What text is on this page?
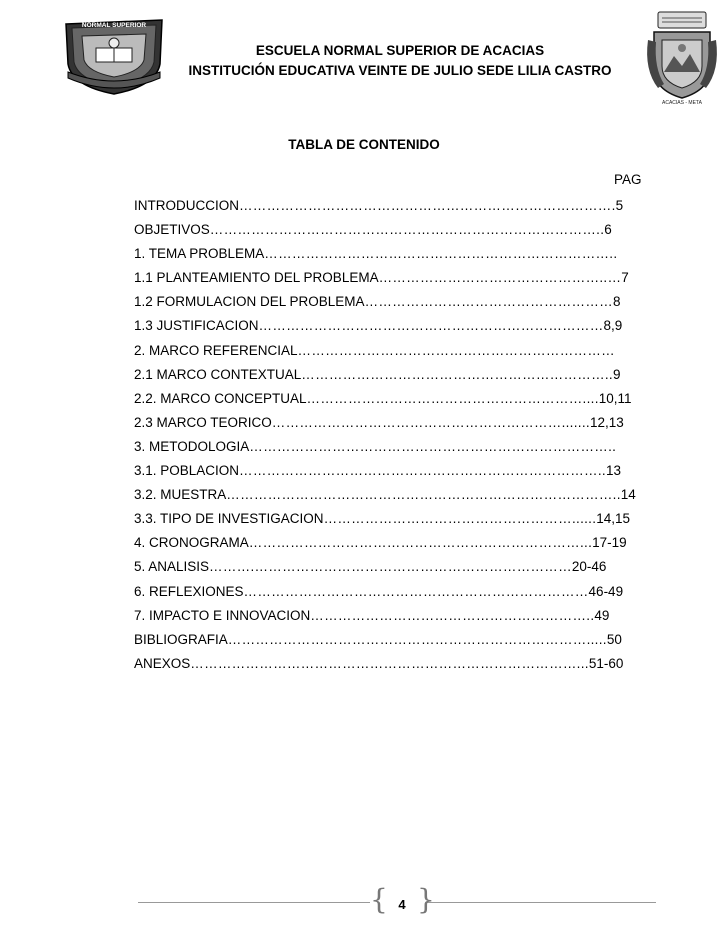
NORMAL SUPERIOR
ACACIAS - META
ESCUELA NORMAL SUPERIOR DE ACACIAS
INSTITUCIÓN EDUCATIVA VEINTE DE JULIO SEDE LILIA CASTRO
TABLA DE CONTENIDO
PAG
INTRODUCCION……………………………………………………………………….5
OBJETIVOS…………………………………………………………………………..6
1. TEMA PROBLEMA…………………………………………………………………..
1.1 PLANTEAMIENTO DEL PROBLEMA…………………………………………..…7
1.2 FORMULACION DEL PROBLEMA………………………………………………8
1.3 JUSTIFICACION…………………………………………………………………8,9
2. MARCO REFERENCIAL……………………………………………………………
2.1 MARCO CONTEXTUAL…………………………………………………………..9
2.2. MARCO CONCEPTUAL……………………………………………………....10,11
2.3 MARCO TEORICO……………………………………………………….......12,13
3. METODOLOGIA……………………………………………………………………..
3.1. POBLACION……………………………………………………………………..13
3.2. MUESTRA…………………………………………………………………………..14
3.3. TIPO DE INVESTIGACION………………………………………………......14,15
4. CRONOGRAMA………………………………………………………………...17-19
5. ANALISIS……….……………………………………………………………20-46
6. REFLEXIONES…………………………………………………………………46-49
7. IMPACTO E INNOVACION……………………………………………………..49
BIBLIOGRAFIA…………………………………………………………………….....50
ANEXOS…………………………………………………………………………...51-60
{ }
4
